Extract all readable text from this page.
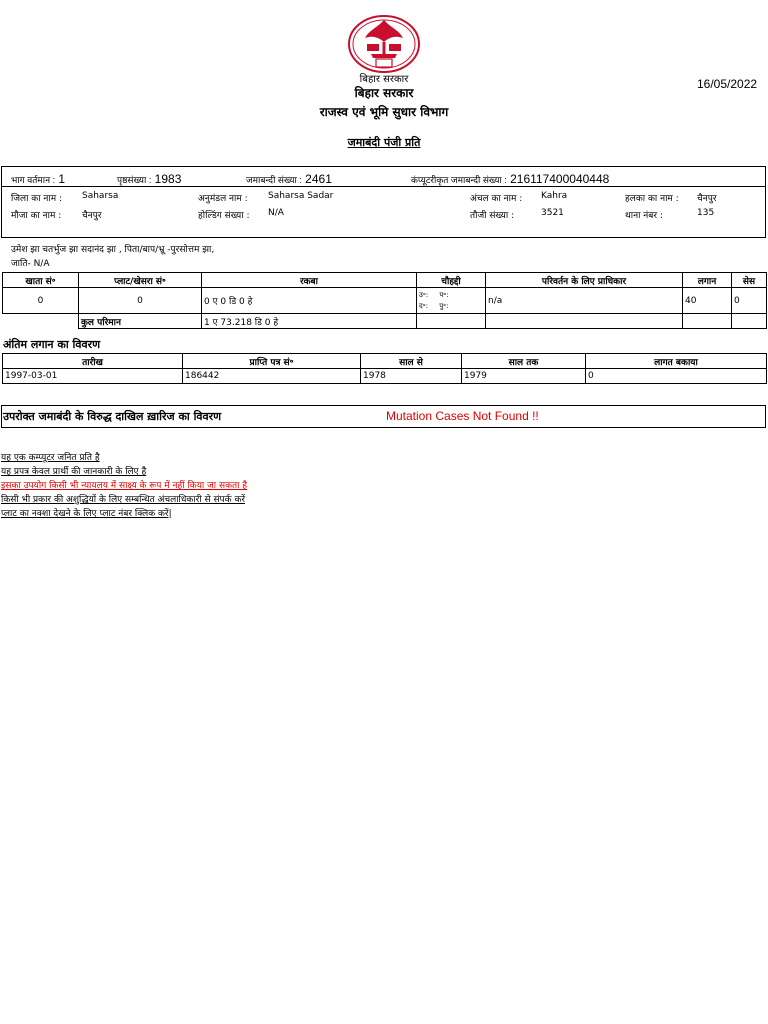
बिहार सरकार
बिहार सरकार
राजस्व एवं भूमि सुधार विभाग
जमाबंदी पंजी प्रति
16/05/2022
भाग वर्तमान : 1	पृष्ठसंख्या : 1983	जमाबन्दी संख्या : 2461	कंप्यूटरीकृत जमाबन्दी संख्या : 216117400040448
जिला का नाम : Saharsa	अनुमंडल नाम : Saharsa Sadar	अंचल का नाम : Kahra	हलका का नाम : चैनपुर
मौजा का नाम : चैनपुर	होल्डिंग संख्या : N/A	तौजी संख्या :	3521	थाना नंबर :	135
उमेश झा चतर्भुज झा सदानंद झा , पिता/बाप/भ्रू -पुरसोत्तम झा,
जाति- N/A
खाता सं॰	प्लाट/खेसरा सं॰	रकबा	चौहद्दी	परिवर्तन के लिए प्राधिकार	लगान	सेस
0	0	0 ए 0 डि 0 हे	उ॰: प॰:
द॰: पु॰:	n/a	40	0
	कुल परिमान	1 ए 73.218 डि 0 हे				
अंतिम लगान का विवरण
तारीख	प्राप्ति पत्र सं॰	साल से	साल तक	लागत बकाया
1997-03-01	186442	1978	1979	0
उपरोक्त जमाबंदी के विरुद्ध दाखिल ख़ारिज का विवरण	Mutation Cases Not Found !!
यह एक कम्प्यूटर जनित प्रति है
यह प्रपत्र केवल प्रार्थी की जानकारी के लिए है
इसका उपयोग किसी भी न्यायलय में साक्ष्य के रूप में नहीं किया जा सकता है
किसी भी प्रकार की अशुद्धियों के लिए सम्बन्धित अंचलाधिकारी से संपर्क करें
प्लाट का नक्शा देखने के लिए प्लाट नंबर क्लिक करें|
